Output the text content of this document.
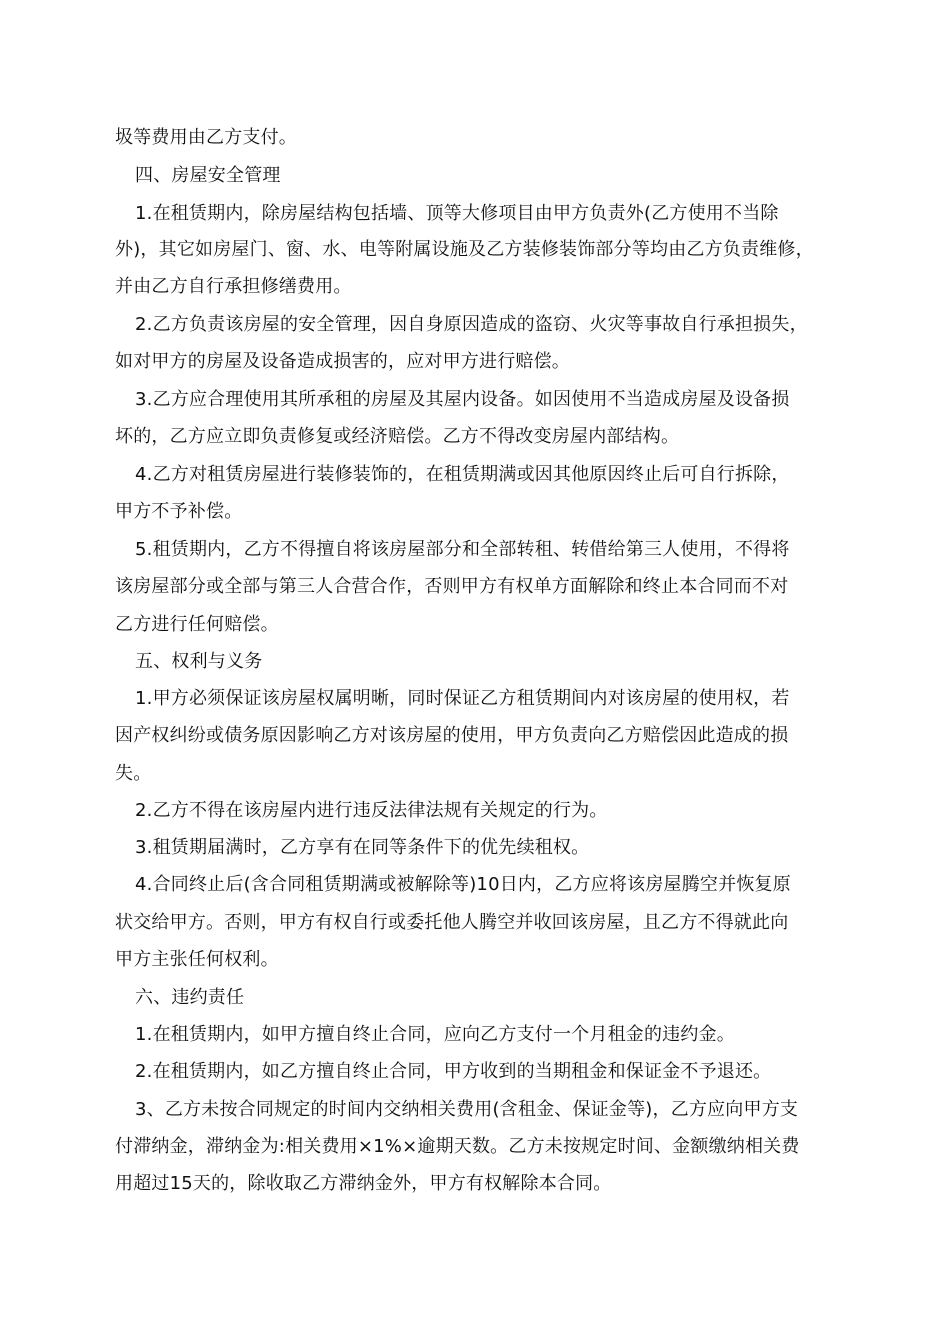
圾等费用由乙方支付。
四、房屋安全管理
1.在租赁期内，除房屋结构包括墙、顶等大修项目由甲方负责外(乙方使用不当除
外)，其它如房屋门、窗、水、电等附属设施及乙方装修装饰部分等均由乙方负责维修，
并由乙方自行承担修缮费用。
2.乙方负责该房屋的安全管理，因自身原因造成的盗窃、火灾等事故自行承担损失，
如对甲方的房屋及设备造成损害的，应对甲方进行赔偿。
3.乙方应合理使用其所承租的房屋及其屋内设备。如因使用不当造成房屋及设备损
坏的，乙方应立即负责修复或经济赔偿。乙方不得改变房屋内部结构。
4.乙方对租赁房屋进行装修装饰的，在租赁期满或因其他原因终止后可自行拆除，
甲方不予补偿。
5.租赁期内，乙方不得擅自将该房屋部分和全部转租、转借给第三人使用，不得将
该房屋部分或全部与第三人合营合作，否则甲方有权单方面解除和终止本合同而不对
乙方进行任何赔偿。
五、权利与义务
1.甲方必须保证该房屋权属明晰，同时保证乙方租赁期间内对该房屋的使用权，若
因产权纠纷或债务原因影响乙方对该房屋的使用，甲方负责向乙方赔偿因此造成的损
失。
2.乙方不得在该房屋内进行违反法律法规有关规定的行为。
3.租赁期届满时，乙方享有在同等条件下的优先续租权。
4.合同终止后(含合同租赁期满或被解除等)10日内，乙方应将该房屋腾空并恢复原
状交给甲方。否则，甲方有权自行或委托他人腾空并收回该房屋，且乙方不得就此向
甲方主张任何权利。
六、违约责任
1.在租赁期内，如甲方擅自终止合同，应向乙方支付一个月租金的违约金。
2.在租赁期内，如乙方擅自终止合同，甲方收到的当期租金和保证金不予退还。
3、乙方未按合同规定的时间内交纳相关费用(含租金、保证金等)，乙方应向甲方支
付滞纳金，滞纳金为:相关费用×1%×逾期天数。乙方未按规定时间、金额缴纳相关费
用超过15天的，除收取乙方滞纳金外，甲方有权解除本合同。
